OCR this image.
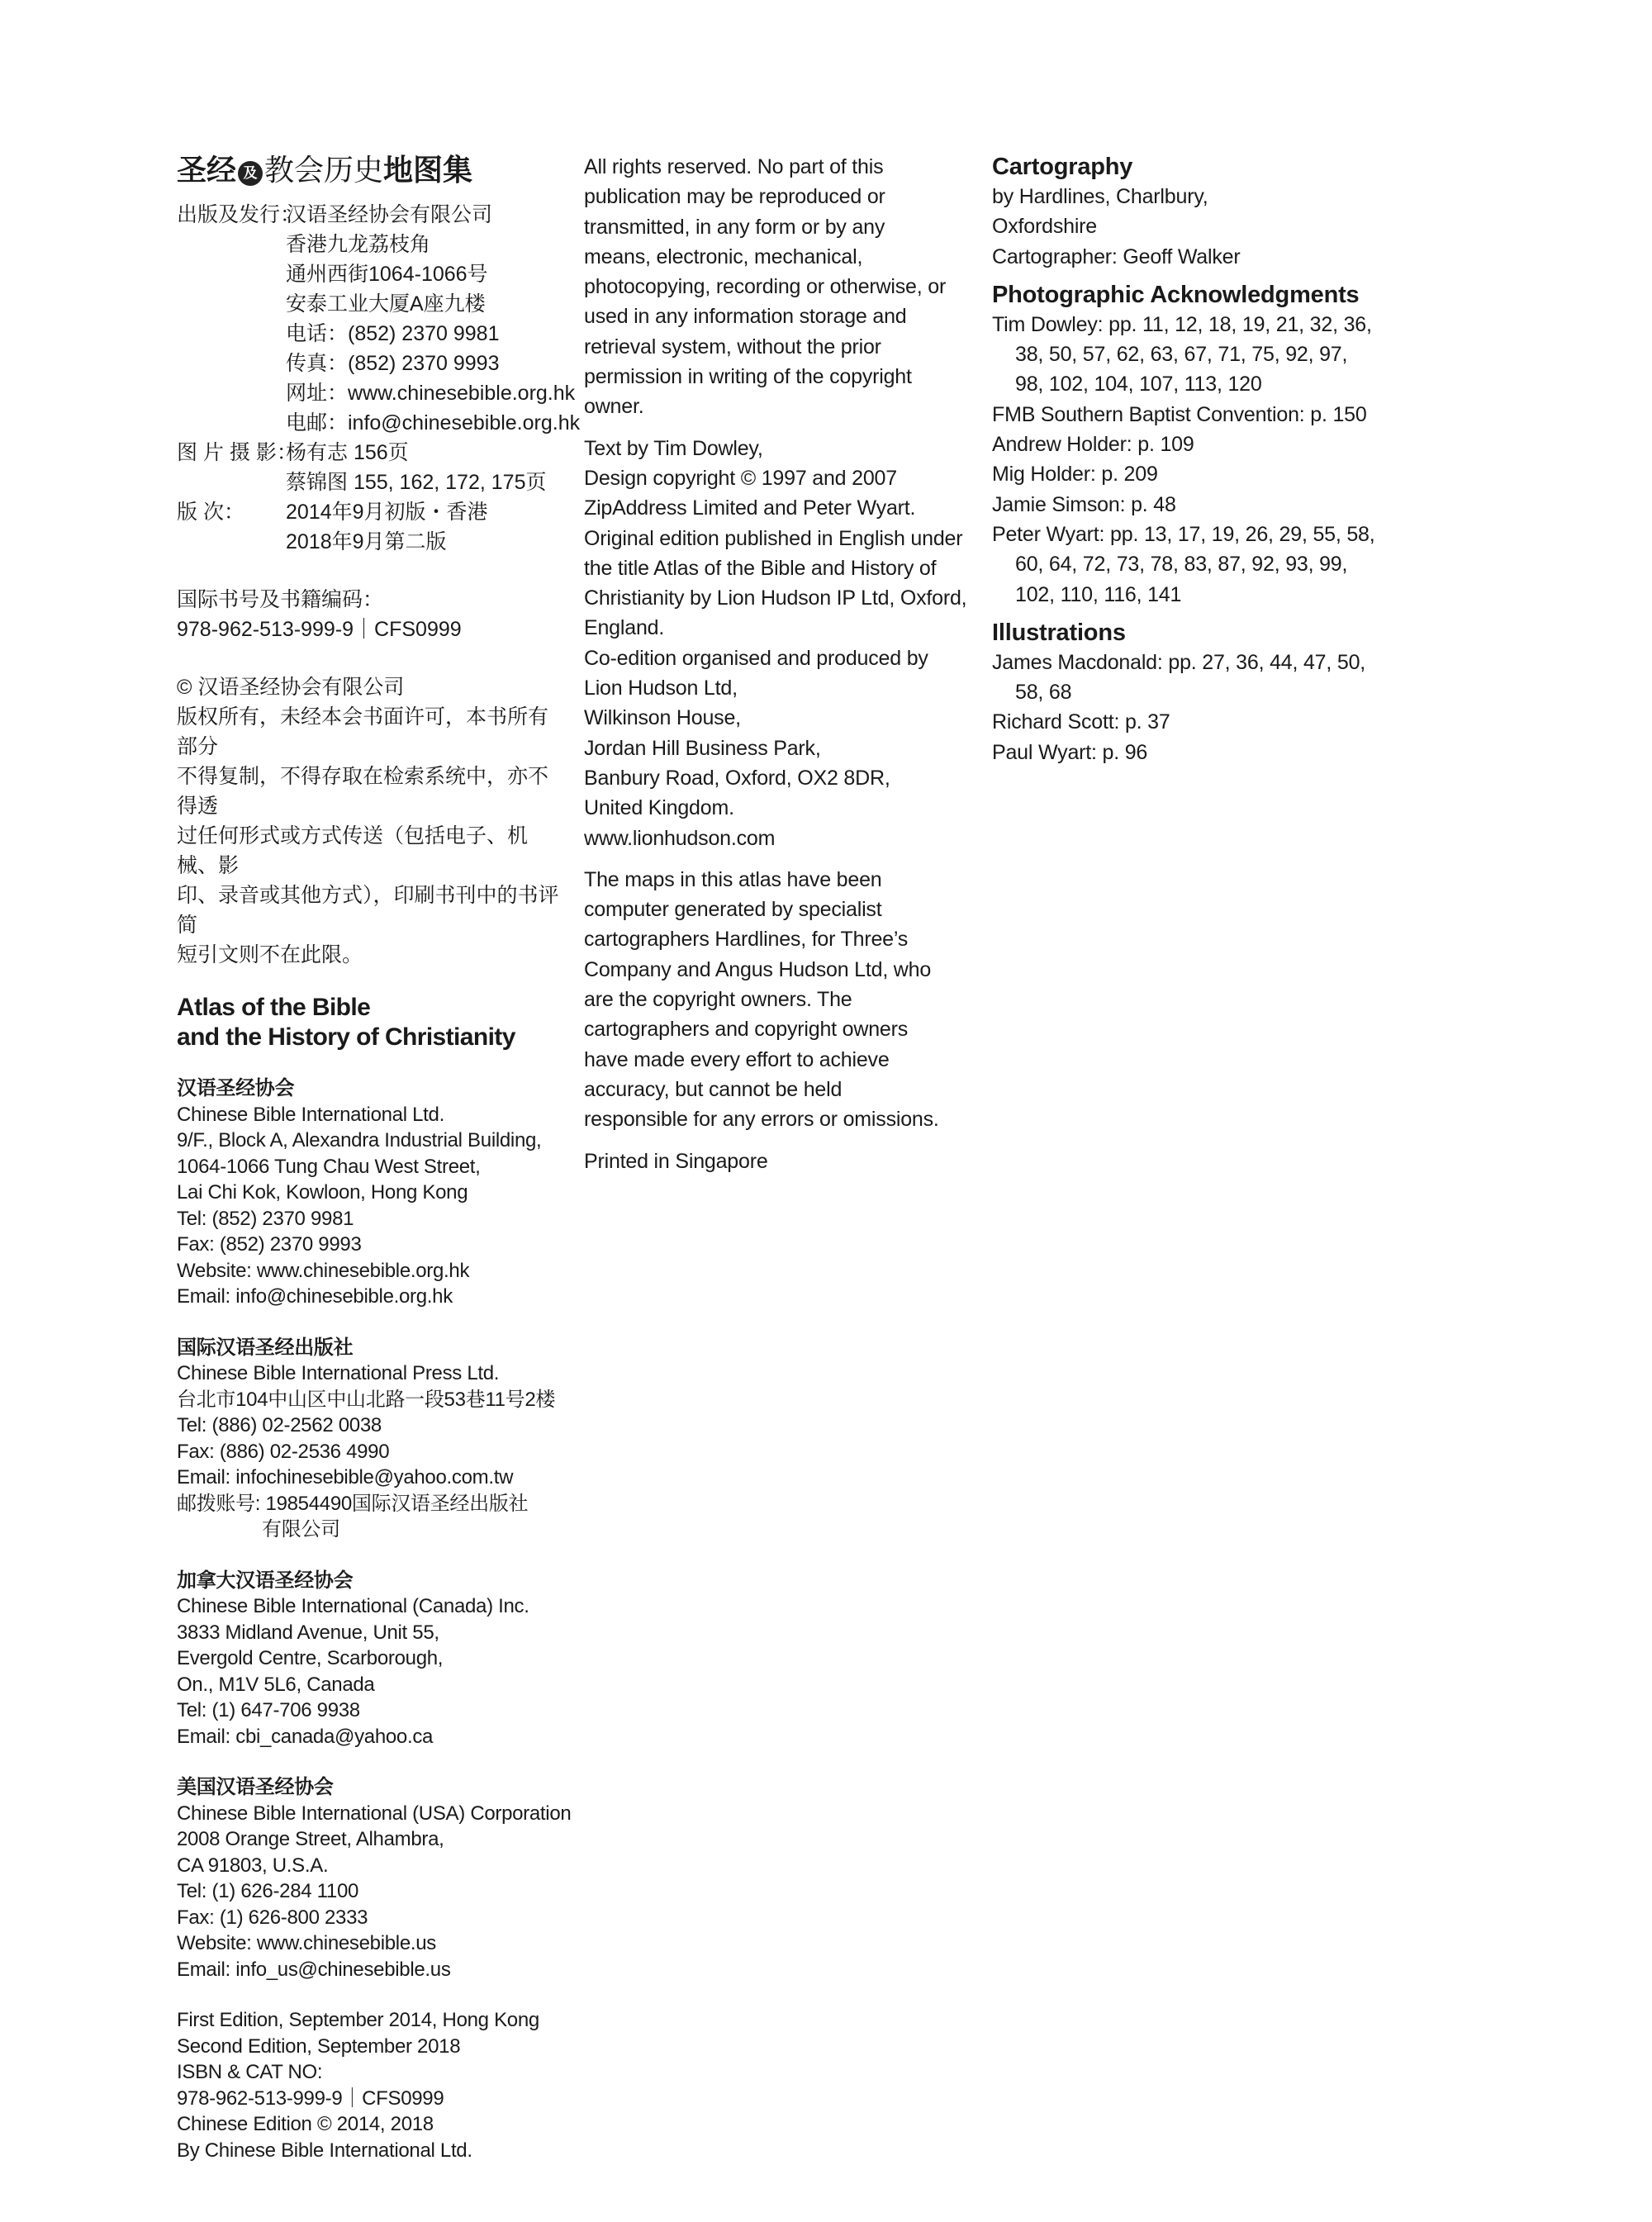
圣经 及 教会历史地图集
出版及发行：
汉语圣经协会有限公司
香港九龙荔枝角
通州西街1064-1066号
安泰工业大厦A座九楼
电话：(852) 2370 9981
传真：(852) 2370 9993
网址：www.chinesebible.org.hk
电邮：info@chinesebible.org.hk
图 片 摄 影：
杨有志 156页
蔡锦图 155, 162, 172, 175页
版 次：	2014年9月初版・香港
2018年9月第二版
国际书号及书籍编码：
978-962-513-999-9｜CFS0999
© 汉语圣经协会有限公司
版权所有，未经本会书面许可，本书所有部分
不得复制，不得存取在检索系统中，亦不得透
过任何形式或方式传送（包括电子、机械、影
印、录音或其他方式），印刷书刊中的书评简
短引文则不在此限。
Atlas of the Bible
and the History of Christianity
汉语圣经协会
Chinese Bible International Ltd.
9/F., Block A, Alexandra Industrial Building,
1064-1066 Tung Chau West Street,
Lai Chi Kok, Kowloon, Hong Kong
Tel: (852) 2370 9981
Fax: (852) 2370 9993
Website: www.chinesebible.org.hk
Email: info@chinesebible.org.hk
国际汉语圣经出版社
Chinese Bible International Press Ltd.
台北市104中山区中山北路一段53巷11号2楼
Tel: (886) 02-2562 0038
Fax: (886) 02-2536 4990
Email: infochinesebible@yahoo.com.tw
邮拨账号: 19854490国际汉语圣经出版社
有限公司
加拿大汉语圣经协会
Chinese Bible International (Canada) Inc.
3833 Midland Avenue, Unit 55,
Evergold Centre, Scarborough,
On., M1V 5L6, Canada
Tel: (1) 647-706 9938
Email: cbi_canada@yahoo.ca
美国汉语圣经协会
Chinese Bible International (USA) Corporation
2008 Orange Street, Alhambra,
CA 91803, U.S.A.
Tel: (1) 626-284 1100
Fax: (1) 626-800 2333
Website: www.chinesebible.us
Email: info_us@chinesebible.us
First Edition, September 2014, Hong Kong
Second Edition, September 2018
ISBN & CAT NO:
978-962-513-999-9｜CFS0999
Chinese Edition © 2014, 2018
By Chinese Bible International Ltd.
All rights reserved. No part of this
publication may be reproduced or
transmitted, in any form or by any
means, electronic, mechanical,
photocopying, recording or otherwise, or
used in any information storage and
retrieval system, without the prior
permission in writing of the copyright
owner.
Text by Tim Dowley,
Design copyright © 1997 and 2007
ZipAddress Limited and Peter Wyart.
Original edition published in English under
the title Atlas of the Bible and History of
Christianity by Lion Hudson IP Ltd, Oxford,
England.
Co-edition organised and produced by
Lion Hudson Ltd,
Wilkinson House,
Jordan Hill Business Park,
Banbury Road, Oxford, OX2 8DR,
United Kingdom.
www.lionhudson.com
The maps in this atlas have been
computer generated by specialist
cartographers Hardlines, for Three’s
Company and Angus Hudson Ltd, who
are the copyright owners. The
cartographers and copyright owners
have made every effort to achieve
accuracy, but cannot be held
responsible for any errors or omissions.
Printed in Singapore
Cartography
by Hardlines, Charlbury,
Oxfordshire
Cartographer: Geoff Walker
Photographic Acknowledgments
Tim Dowley: pp. 11, 12, 18, 19, 21, 32, 36, 38, 50, 57, 62, 63, 67, 71, 75, 92, 97, 98, 102, 104, 107, 113, 120
FMB Southern Baptist Convention: p. 150
Andrew Holder: p. 109
Mig Holder: p. 209
Jamie Simson: p. 48
Peter Wyart: pp. 13, 17, 19, 26, 29, 55, 58, 60, 64, 72, 73, 78, 83, 87, 92, 93, 99, 102, 110, 116, 141
Illustrations
James Macdonald: pp. 27, 36, 44, 47, 50, 58, 68
Richard Scott: p. 37
Paul Wyart: p. 96
